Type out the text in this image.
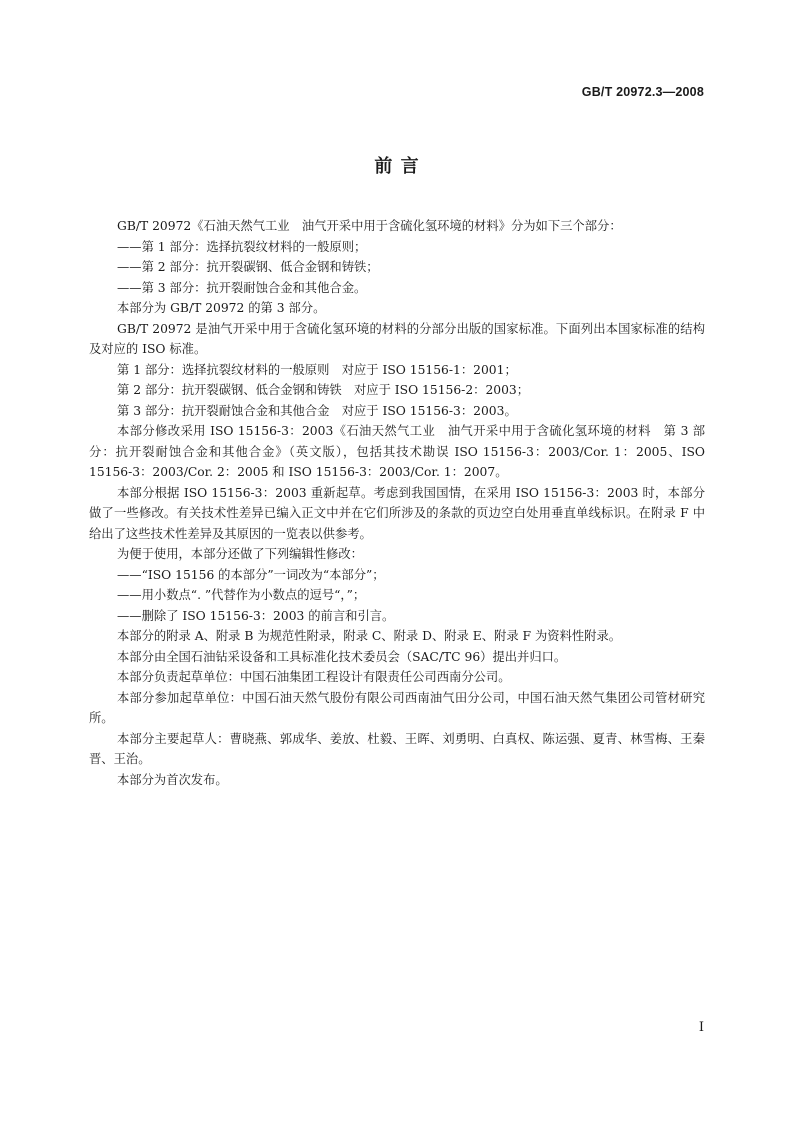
GB/T 20972.3—2008
前 言

GB/T 20972《石油天然气工业　油气开采中用于含硫化氢环境的材料》分为如下三个部分：

——第 1 部分：选择抗裂纹材料的一般原则；

——第 2 部分：抗开裂碳钢、低合金钢和铸铁；

——第 3 部分：抗开裂耐蚀合金和其他合金。

本部分为 GB/T 20972 的第 3 部分。

GB/T 20972 是油气开采中用于含硫化氢环境的材料的分部分出版的国家标准。下面列出本国家标准的结构及对应的 ISO 标准。

第 1 部分：选择抗裂纹材料的一般原则　对应于 ISO 15156-1：2001；

第 2 部分：抗开裂碳钢、低合金钢和铸铁　对应于 ISO 15156-2：2003；

第 3 部分：抗开裂耐蚀合金和其他合金　对应于 ISO 15156-3：2003。

本部分修改采用 ISO 15156-3：2003《石油天然气工业　油气开采中用于含硫化氢环境的材料　第 3 部分：抗开裂耐蚀合金和其他合金》（英文版），包括其技术勘误 ISO 15156-3：2003/Cor. 1：2005、ISO 15156-3：2003/Cor. 2：2005 和 ISO 15156-3：2003/Cor. 1：2007。

本部分根据 ISO 15156-3：2003 重新起草。考虑到我国国情，在采用 ISO 15156-3：2003 时，本部分做了一些修改。有关技术性差异已编入正文中并在它们所涉及的条款的页边空白处用垂直单线标识。在附录 F 中给出了这些技术性差异及其原因的一览表以供参考。

为便于使用，本部分还做了下列编辑性修改：

——“ISO 15156 的本部分”一词改为“本部分”；

——用小数点“. ”代替作为小数点的逗号“，”；

——删除了 ISO 15156-3：2003 的前言和引言。

本部分的附录 A、附录 B 为规范性附录，附录 C、附录 D、附录 E、附录 F 为资料性附录。

本部分由全国石油钻采设备和工具标准化技术委员会（SAC/TC 96）提出并归口。

本部分负责起草单位：中国石油集团工程设计有限责任公司西南分公司。

本部分参加起草单位：中国石油天然气股份有限公司西南油气田分公司，中国石油天然气集团公司管材研究所。

本部分主要起草人：曹晓燕、郭成华、姜放、杜毅、王晖、刘勇明、白真权、陈运强、夏青、林雪梅、王秦晋、王治。

本部分为首次发布。

I
